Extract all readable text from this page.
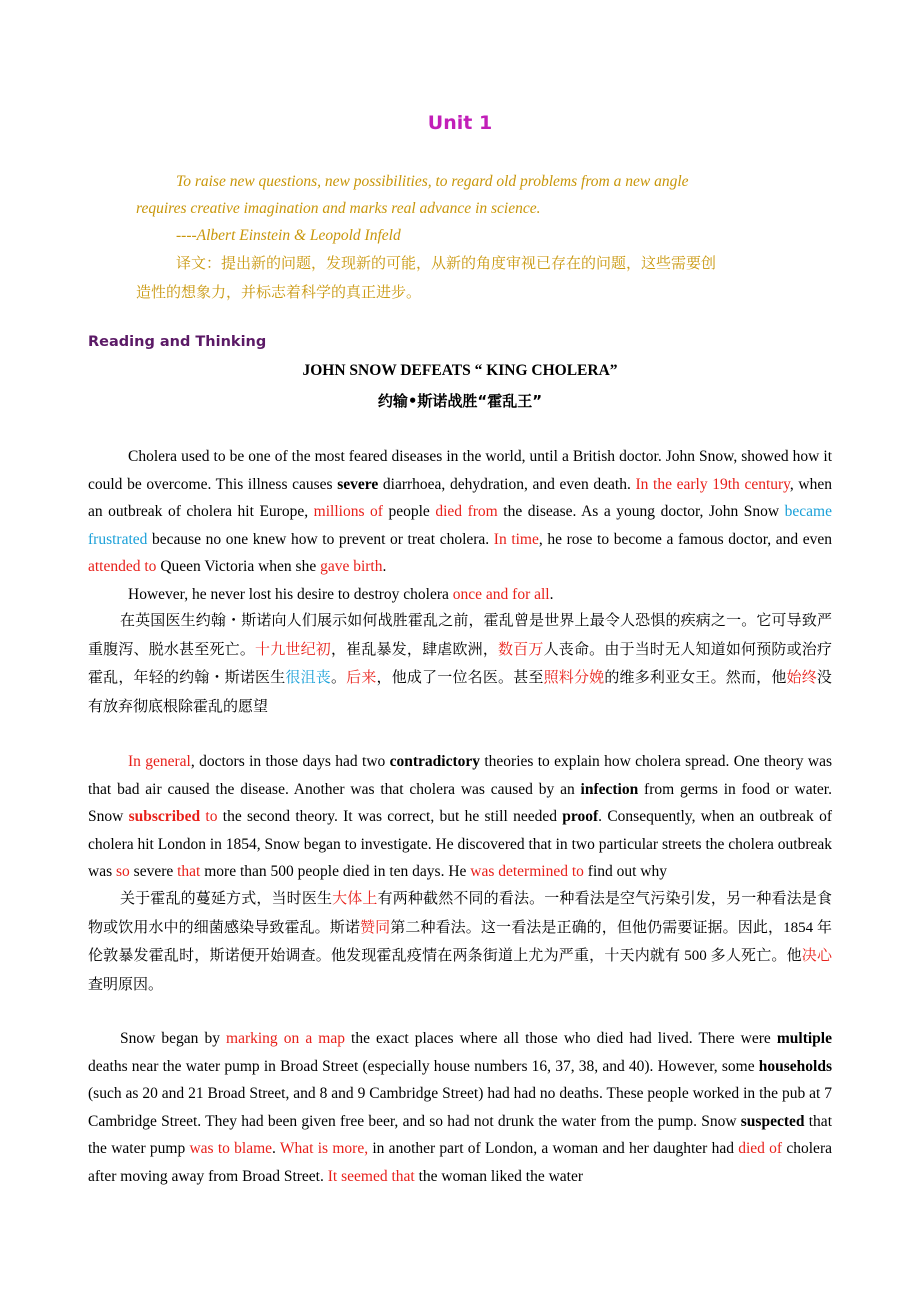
Unit 1
To raise new questions, new possibilities, to regard old problems from a new angle
requires creative imagination and marks real advance in science.
----Albert Einstein & Leopold Infeld
译文：提出新的问题，发现新的可能，从新的角度审视已存在的问题，这些需要创
造性的想象力，并标志着科学的真正进步。
Reading and Thinking
JOHN SNOW DEFEATS “ KING CHOLERA”
约输•斯诺战胜“霍乱王”

Cholera used to be one of the most feared diseases in the world, until a British doctor. John Snow, showed how it could be overcome. This illness causes severe diarrhoea, dehydration, and even death. In the early 19th century, when an outbreak of cholera hit Europe, millions of people died from the disease. As a young doctor, John Snow became frustrated because no one knew how to prevent or treat cholera. In time, he rose to become a famous doctor, and even attended to Queen Victoria when she gave birth.

However, he never lost his desire to destroy cholera once and for all.

在英国医生约翰・斯诺向人们展示如何战胜霍乱之前，霍乱曾是世界上最令人恐惧的疾病之一。它可导致严重腹泻、脱水甚至死亡。十九世纪初，崔乱暴发，肆虐欧洲，数百万人丧命。由于当时无人知道如何预防或治疗霍乱，年轻的约翰・斯诺医生很沮丧。后来，他成了一位名医。甚至照料分娩的维多利亚女王。然而，他始终没有放弃彻底根除霍乱的愿望

In general, doctors in those days had two contradictory theories to explain how cholera spread. One theory was that bad air caused the disease. Another was that cholera was caused by an infection from germs in food or water. Snow subscribed to the second theory. It was correct, but he still needed proof. Consequently, when an outbreak of cholera hit London in 1854, Snow began to investigate. He discovered that in two particular streets the cholera outbreak was so severe that more than 500 people died in ten days. He was determined to find out why

关于霍乱的蔓延方式，当时医生大体上有两种截然不同的看法。一种看法是空气污染引发，另一种看法是食物或饮用水中的细菌感染导致霍乱。斯诺赞同第二种看法。这一看法是正确的，但他仍需要证据。因此，1854 年伦敦暴发霍乱时，斯诺便开始调查。他发现霍乱疫情在两条街道上尤为严重，十天内就有 500 多人死亡。他决心查明原因。

Snow began by marking on a map the exact places where all those who died had lived. There were multiple deaths near the water pump in Broad Street (especially house numbers 16, 37, 38, and 40). However, some households (such as 20 and 21 Broad Street, and 8 and 9 Cambridge Street) had had no deaths. These people worked in the pub at 7 Cambridge Street. They had been given free beer, and so had not drunk the water from the pump. Snow suspected that the water pump was to blame. What is more, in another part of London, a woman and her daughter had died of cholera after moving away from Broad Street. It seemed that the woman liked the water
